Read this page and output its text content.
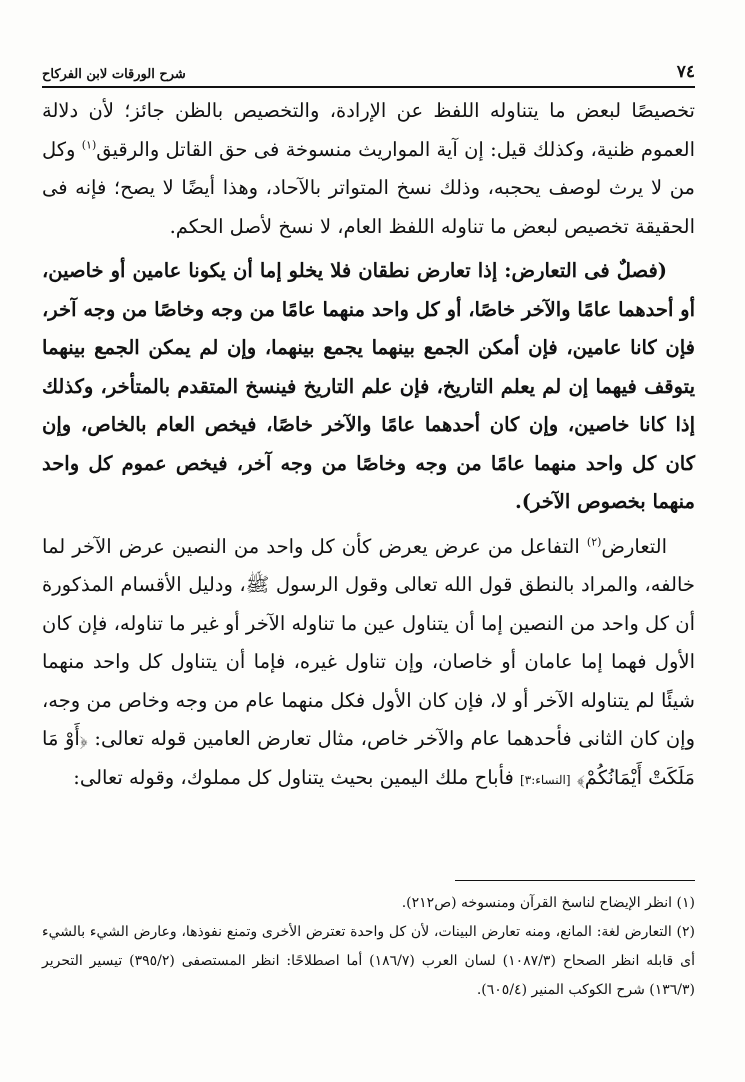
٧٤
شرح الورقات لابن الفركاح

تخصيصًا لبعض ما يتناوله اللفظ عن الإرادة، والتخصيص بالظن جائز؛ لأن دلالة العموم ظنية، وكذلك قيل: إن آية المواريث منسوخة فى حق القاتل والرقيق$^{(١)}$ وكل من لا يرث لوصف يحجبه، وذلك نسخ المتواتر بالآحاد، وهذا أيضًا لا يصح؛ فإنه فى الحقيقة تخصيص لبعض ما تناوله اللفظ العام، لا نسخ لأصل الحكم.

(فصلٌ فى التعارض: إذا تعارض نطقان فلا يخلو إما أن يكونا عامين أو خاصين، أو أحدهما عامًا والآخر خاصًا، أو كل واحد منهما عامًا من وجه وخاصًا من وجه آخر، فإن كانا عامين، فإن أمكن الجمع بينهما يجمع بينهما، وإن لم يمكن الجمع بينهما يتوقف فيهما إن لم يعلم التاريخ، فإن علم التاريخ فينسخ المتقدم بالمتأخر، وكذلك إذا كانا خاصين، وإن كان أحدهما عامًا والآخر خاصًا، فيخص العام بالخاص، وإن كان كل واحد منهما عامًا من وجه وخاصًا من وجه آخر، فيخص عموم كل واحد منهما بخصوص الآخر).

التعارض$^{(٢)}$ التفاعل من عرض يعرض كأن كل واحد من النصين عرض الآخر لما خالفه، والمراد بالنطق قول الله تعالى وقول الرسول ﷺ، ودليل الأقسام المذكورة أن كل واحد من النصين إما أن يتناول عين ما تناوله الآخر أو غير ما تناوله، فإن كان الأول فهما إما عامان أو خاصان، وإن تناول غيره، فإما أن يتناول كل واحد منهما شيئًا لم يتناوله الآخر أو لا، فإن كان الأول فكل منهما عام من وجه وخاص من وجه، وإن كان الثانى فأحدهما عام والآخر خاص، مثال تعارض العامين قوله تعالى: ﴿أَوْ مَا مَلَكَتْ أَيْمَانُكُمْ﴾ [النساء:٣] فأباح ملك اليمين بحيث يتناول كل مملوك، وقوله تعالى:

(١) انظر الإيضاح لناسخ القرآن ومنسوخه (ص٢١٢).

(٢) التعارض لغة: المانع، ومنه تعارض البينات، لأن كل واحدة تعترض الأخرى وتمنع نفوذها، وعارض الشيء بالشيء أى قابله انظر الصحاح (١٠٨٧/٣) لسان العرب (١٨٦/٧) أما اصطلاحًا: انظر المستصفى (٣٩٥/٢) تيسير التحرير (١٣٦/٣) شرح الكوكب المنير (٦٠٥/٤).
